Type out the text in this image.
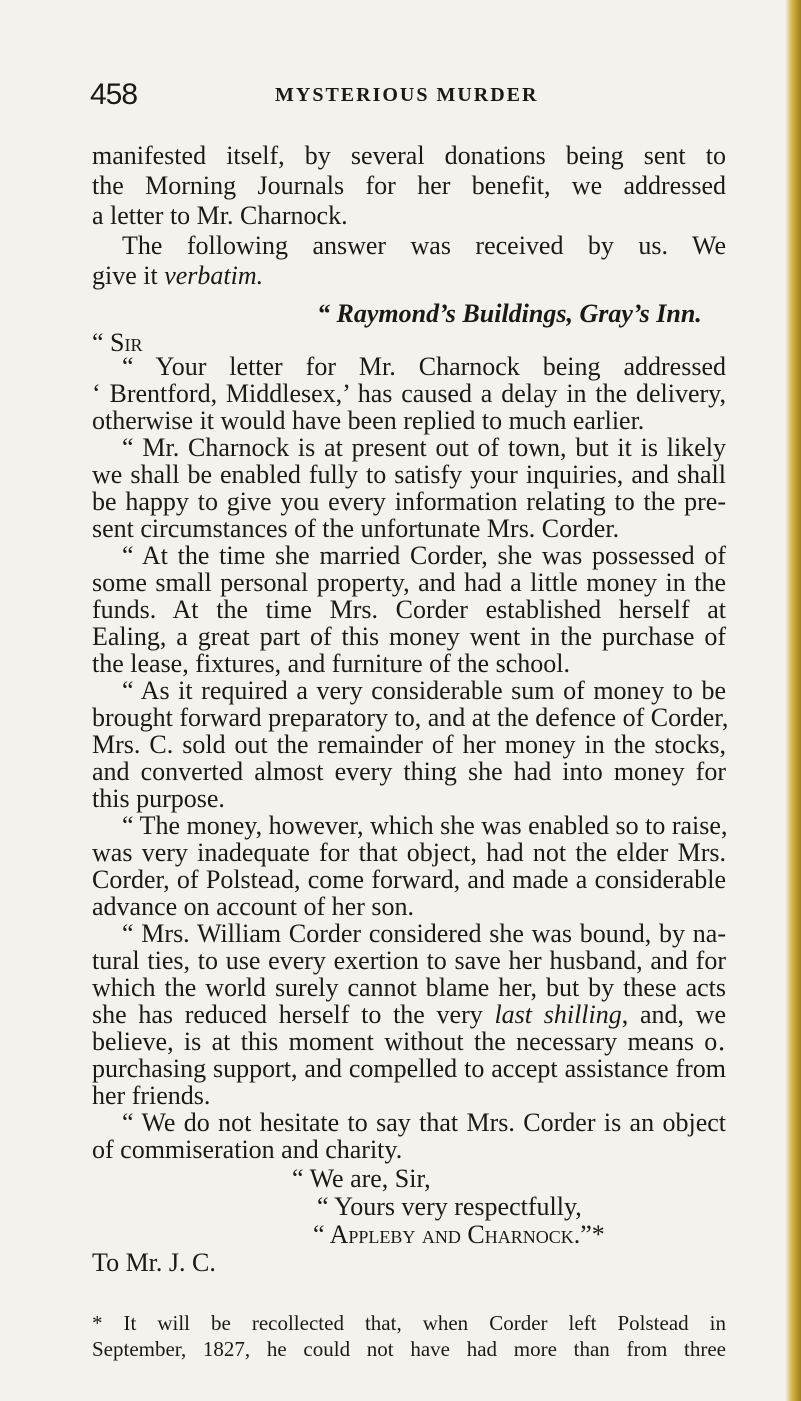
458	MYSTERIOUS MURDER
manifested itself, by several donations being sent to
the Morning Journals for her benefit, we addressed
a letter to Mr. Charnock.
The following answer was received by us. We
give it verbatim.
“ Raymond’s Buildings, Gray’s Inn.
“ Sir
“ Your letter for Mr. Charnock being addressed
‘ Brentford, Middlesex,’ has caused a delay in the delivery,
otherwise it would have been replied to much earlier.
“ Mr. Charnock is at present out of town, but it is likely
we shall be enabled fully to satisfy your inquiries, and shall
be happy to give you every information relating to the pre-
sent circumstances of the unfortunate Mrs. Corder.
“ At the time she married Corder, she was possessed of
some small personal property, and had a little money in the
funds. At the time Mrs. Corder established herself at
Ealing, a great part of this money went in the purchase of
the lease, fixtures, and furniture of the school.
“ As it required a very considerable sum of money to be
brought forward preparatory to, and at the defence of Corder,
Mrs. C. sold out the remainder of her money in the stocks,
and converted almost every thing she had into money for
this purpose.
“ The money, however, which she was enabled so to raise,
was very inadequate for that object, had not the elder Mrs.
Corder, of Polstead, come forward, and made a considerable
advance on account of her son.
“ Mrs. William Corder considered she was bound, by na-
tural ties, to use every exertion to save her husband, and for
which the world surely cannot blame her, but by these acts
she has reduced herself to the very last shilling, and, we
believe, is at this moment without the necessary means o․
purchasing support, and compelled to accept assistance from
her friends.
“ We do not hesitate to say that Mrs. Corder is an object
of commiseration and charity.
“ We are, Sir,
“ Yours very respectfully,
“ Appleby and Charnock.”*
To Mr. J. C.
* It will be recollected that, when Corder left Polstead in
September, 1827, he could not have had more than from three
